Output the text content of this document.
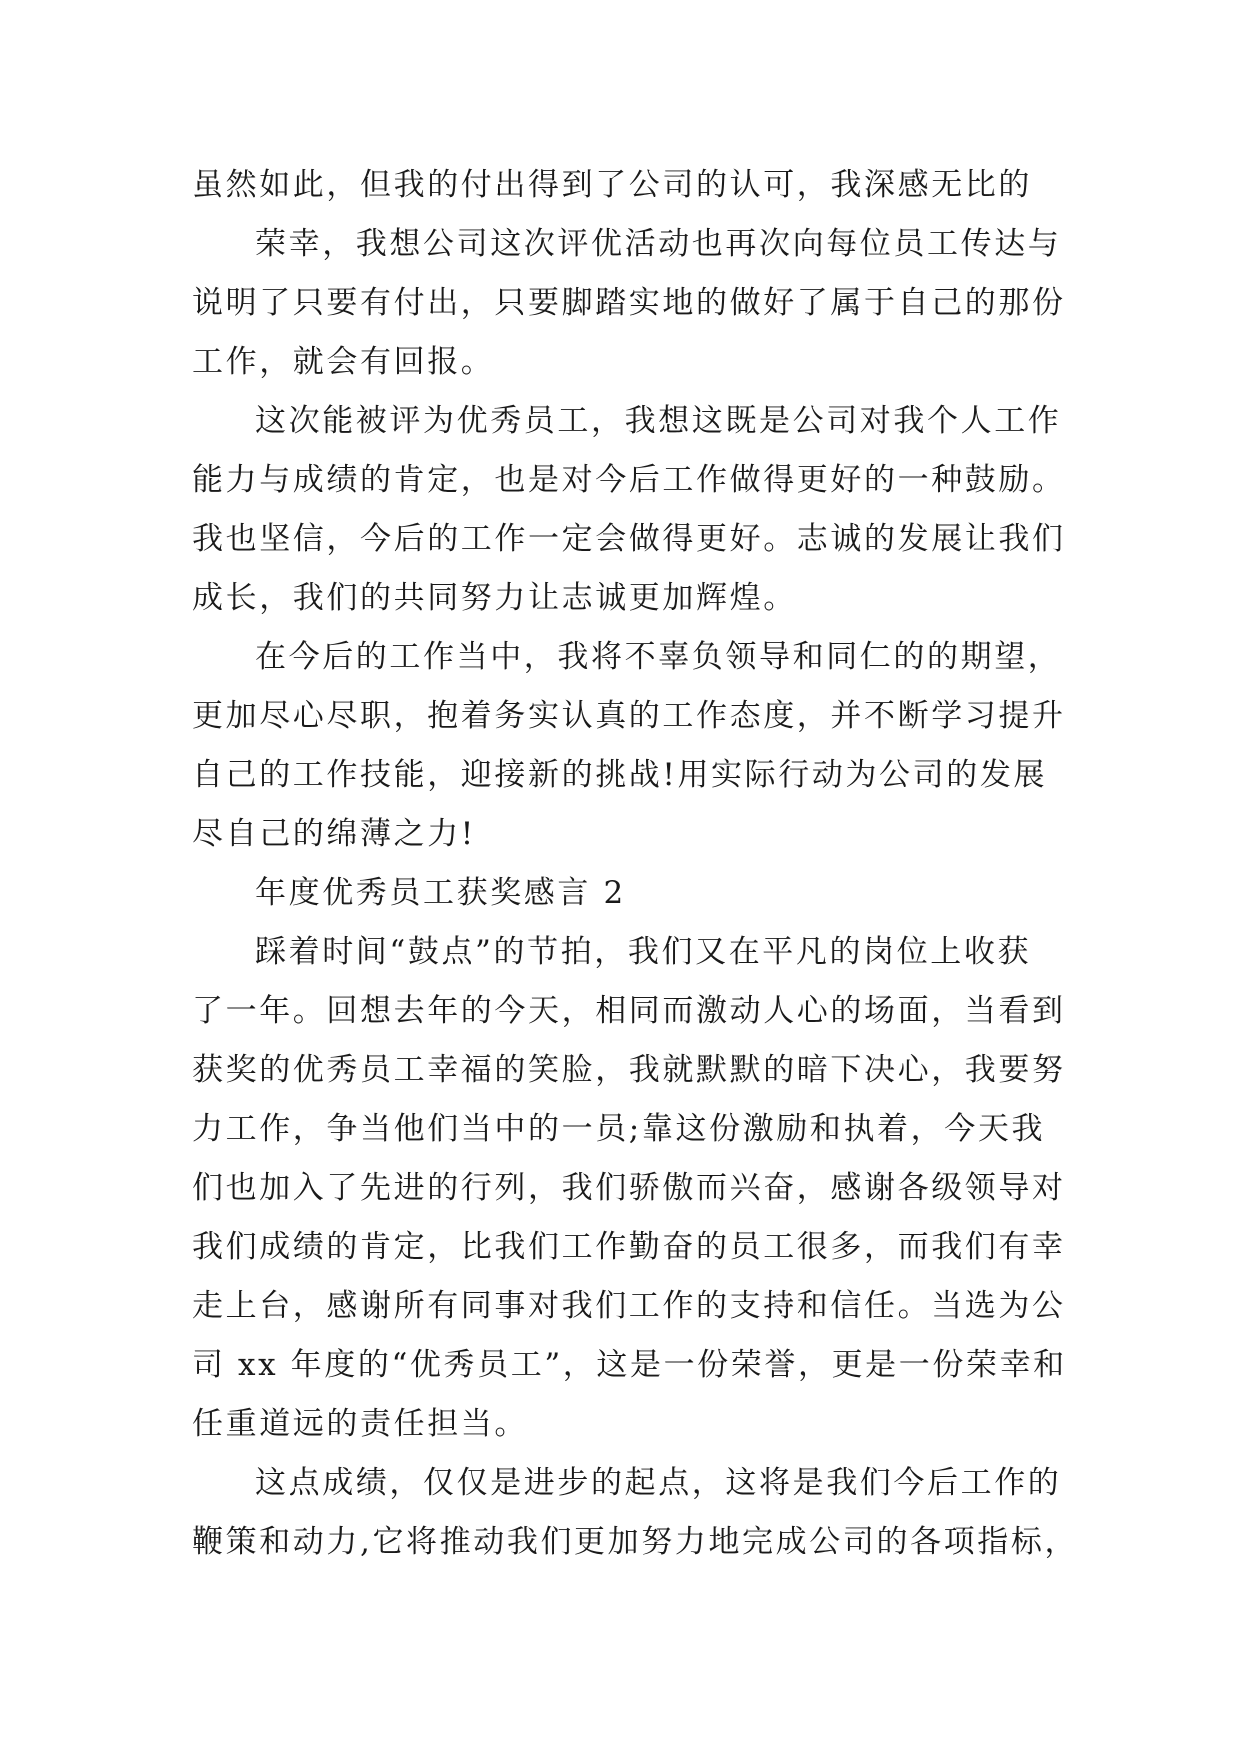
虽然如此，但我的付出得到了公司的认可，我深感无比的
荣幸，我想公司这次评优活动也再次向每位员工传达与
说明了只要有付出，只要脚踏实地的做好了属于自己的那份
工作，就会有回报。
这次能被评为优秀员工，我想这既是公司对我个人工作
能力与成绩的肯定，也是对今后工作做得更好的一种鼓励。
我也坚信，今后的工作一定会做得更好。志诚的发展让我们
成长，我们的共同努力让志诚更加辉煌。
在今后的工作当中，我将不辜负领导和同仁的的期望，
更加尽心尽职，抱着务实认真的工作态度，并不断学习提升
自己的工作技能，迎接新的挑战!用实际行动为公司的发展
尽自己的绵薄之力!
年度优秀员工获奖感言 2
踩着时间“鼓点”的节拍，我们又在平凡的岗位上收获
了一年。回想去年的今天，相同而激动人心的场面，当看到
获奖的优秀员工幸福的笑脸，我就默默的暗下决心，我要努
力工作，争当他们当中的一员;靠这份激励和执着，今天我
们也加入了先进的行列，我们骄傲而兴奋，感谢各级领导对
我们成绩的肯定，比我们工作勤奋的员工很多，而我们有幸
走上台，感谢所有同事对我们工作的支持和信任。当选为公
司 xx 年度的“优秀员工”，这是一份荣誉，更是一份荣幸和
任重道远的责任担当。
这点成绩，仅仅是进步的起点，这将是我们今后工作的
鞭策和动力,它将推动我们更加努力地完成公司的各项指标，
